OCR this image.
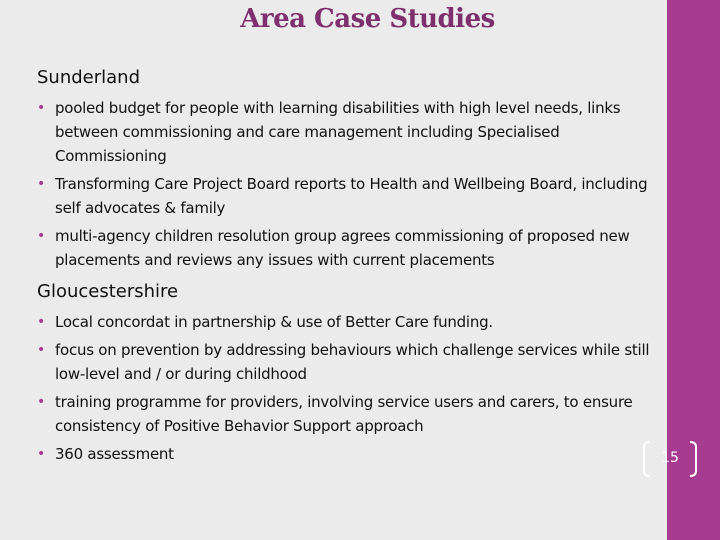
Area Case Studies

Sunderland

• pooled budget for people with learning disabilities with high level needs, links between commissioning and care management including Specialised Commissioning
• Transforming Care Project Board reports to Health and Wellbeing Board, including self advocates & family
• multi-agency children resolution group agrees commissioning of proposed new placements and reviews any issues with current placements

Gloucestershire

• Local concordat in partnership & use of Better Care funding.
• focus on prevention by addressing behaviours which challenge services while still low-level and / or during childhood
• training programme for providers, involving service users and carers, to ensure consistency of Positive Behavior Support approach
• 360 assessment	15
